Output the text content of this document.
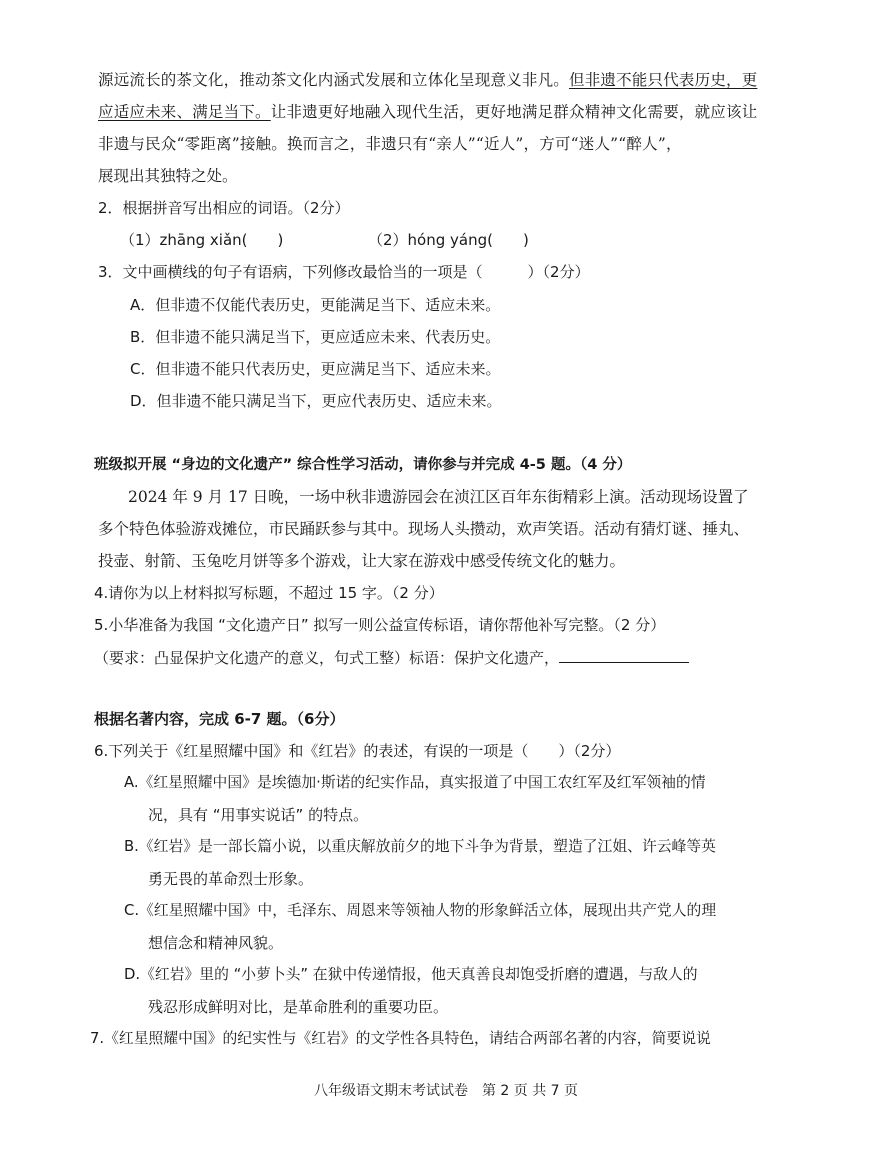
源远流长的茶文化，推动茶文化内涵式发展和立体化呈现意义非凡。但非遗不能只代表历史，更
应适应未来、满足当下。让非遗更好地融入现代生活，更好地满足群众精神文化需要，就应该让
非遗与民众“零距离”接触。换而言之，非遗只有“亲人”“近人”，方可“迷人”“醉人”，
展现出其独特之处。
2．根据拼音写出相应的词语。（2分）
（1）zhāng xiǎn(　　)	（2）hóng yáng(　　)
3．文中画横线的句子有语病，下列修改最恰当的一项是（　　　）（2分）
A．但非遗不仅能代表历史，更能满足当下、适应未来。
B．但非遗不能只满足当下，更应适应未来、代表历史。
C．但非遗不能只代表历史，更应满足当下、适应未来。
D．但非遗不能只满足当下，更应代表历史、适应未来。
班级拟开展 “身边的文化遗产” 综合性学习活动，请你参与并完成 4-5 题。（4 分）
2024 年 9 月 17 日晚，一场中秋非遗游园会在浈江区百年东街精彩上演。活动现场设置了
多个特色体验游戏摊位，市民踊跃参与其中。现场人头攒动，欢声笑语。活动有猜灯谜、捶丸、
投壶、射箭、玉兔吃月饼等多个游戏，让大家在游戏中感受传统文化的魅力。
4.请你为以上材料拟写标题，不超过 15 字。（2 分）
5.小华准备为我国 “文化遗产日” 拟写一则公益宣传标语，请你帮他补写完整。（2 分）
（要求：凸显保护文化遗产的意义，句式工整）标语：保护文化遗产，
根据名著内容，完成 6-7 题。（6分）
6.下列关于《红星照耀中国》和《红岩》的表述，有误的一项是（　　）（2分）
A.《红星照耀中国》是埃德加·斯诺的纪实作品，真实报道了中国工农红军及红军领袖的情
况，具有 “用事实说话” 的特点。
B.《红岩》是一部长篇小说，以重庆解放前夕的地下斗争为背景，塑造了江姐、许云峰等英
勇无畏的革命烈士形象。
C.《红星照耀中国》中，毛泽东、周恩来等领袖人物的形象鲜活立体，展现出共产党人的理
想信念和精神风貌。
D.《红岩》里的 “小萝卜头” 在狱中传递情报，他天真善良却饱受折磨的遭遇，与敌人的
残忍形成鲜明对比，是革命胜利的重要功臣。
7.《红星照耀中国》的纪实性与《红岩》的文学性各具特色，请结合两部名著的内容，简要说说
八年级语文期末考试试卷　第 2 页 共 7 页
